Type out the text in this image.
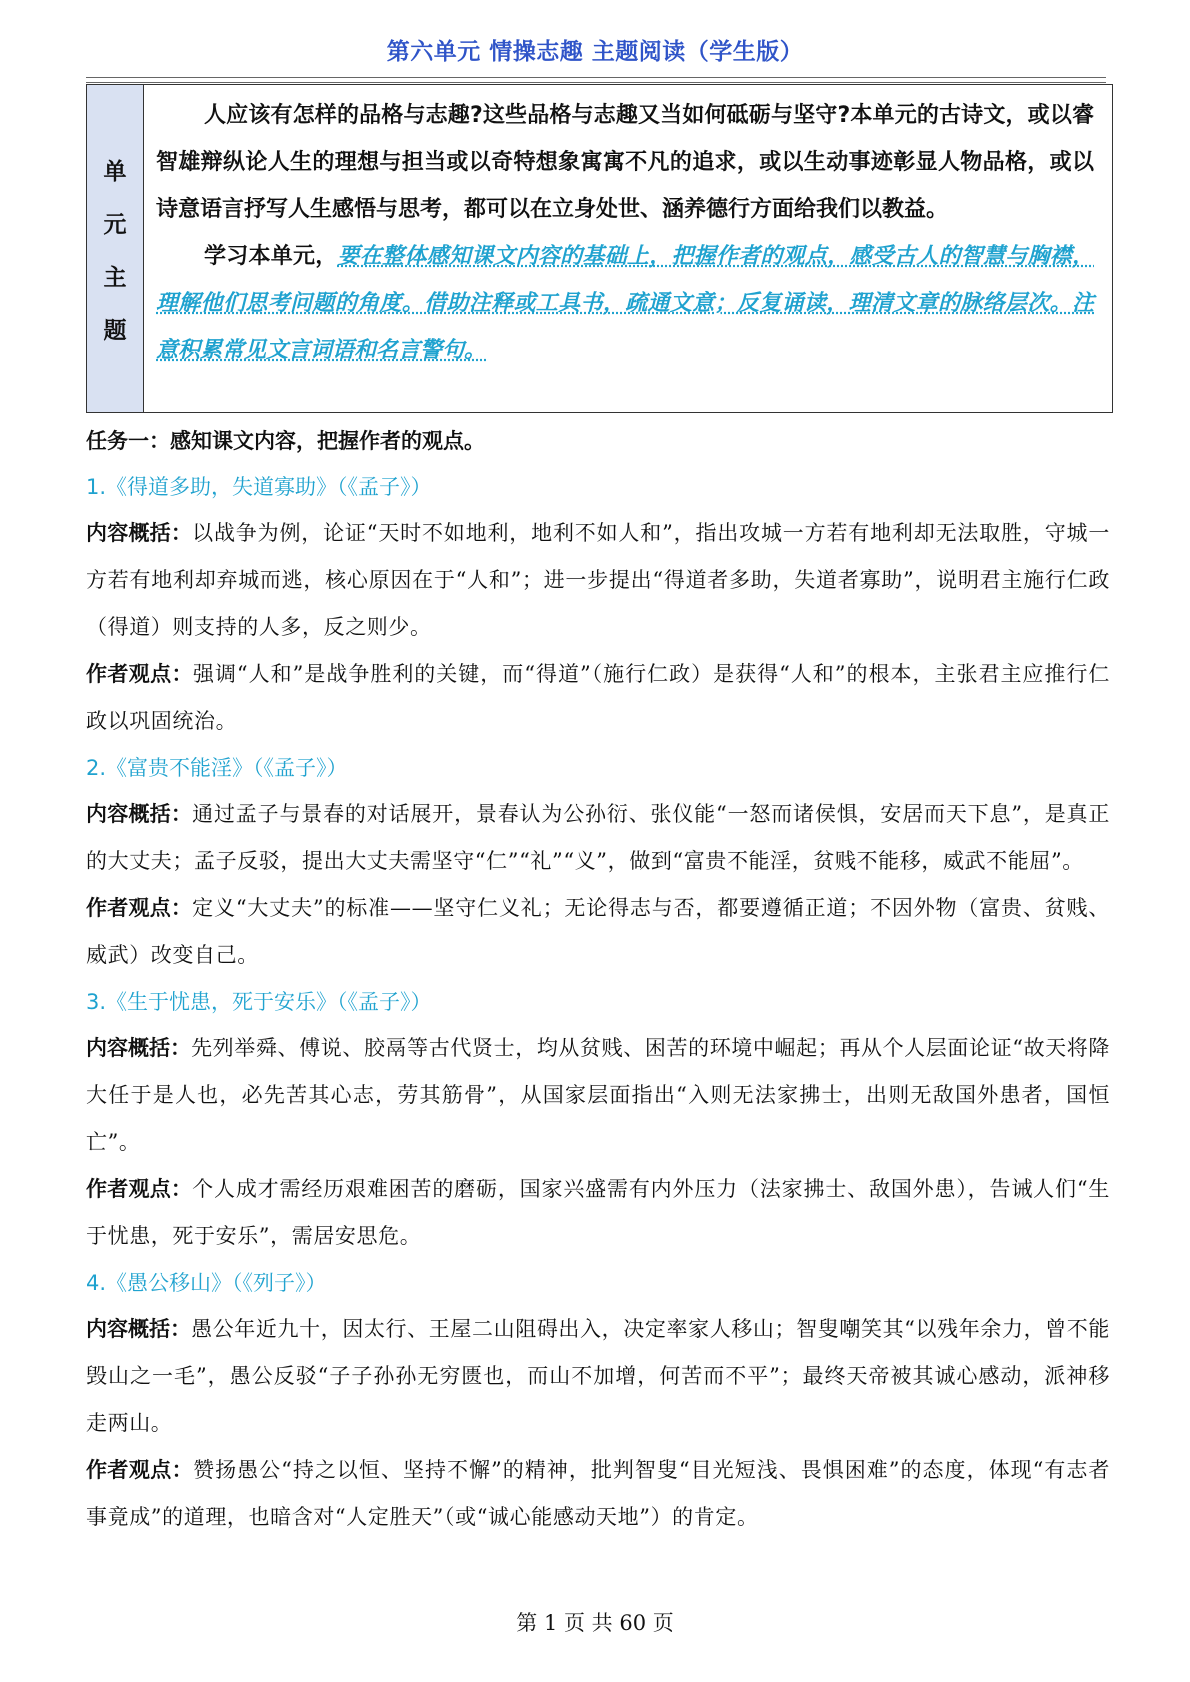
第六单元 情操志趣 主题阅读（学生版）
单
元
主
题

人应该有怎样的品格与志趣?这些品格与志趣又当如何砥砺与坚守?本单元的古诗文，或以睿智雄辩纵论人生的理想与担当或以奇特想象寓寓不凡的追求，或以生动事迹彰显人物品格，或以诗意语言抒写人生感悟与思考，都可以在立身处世、涵养德行方面给我们以教益。

学习本单元，要在整体感知课文内容的基础上，把握作者的观点，感受古人的智慧与胸襟，理解他们思考问题的角度。借助注释或工具书，疏通文意；反复诵读，理清文章的脉络层次。注意积累常见文言词语和名言警句。

任务一：感知课文内容，把握作者的观点。

1.《得道多助，失道寡助》（《孟子》）

内容概括：以战争为例，论证“天时不如地利，地利不如人和”，指出攻城一方若有地利却无法取胜，守城一方若有地利却弃城而逃，核心原因在于“人和”；进一步提出“得道者多助，失道者寡助”，说明君主施行仁政（得道）则支持的人多，反之则少。

作者观点：强调“人和”是战争胜利的关键，而“得道”（施行仁政）是获得“人和”的根本，主张君主应推行仁政以巩固统治。

2.《富贵不能淫》（《孟子》）

内容概括：通过孟子与景春的对话展开，景春认为公孙衍、张仪能“一怒而诸侯惧，安居而天下息”，是真正的大丈夫；孟子反驳，提出大丈夫需坚守“仁”“礼”“义”，做到“富贵不能淫，贫贱不能移，威武不能屈”。

作者观点：定义“大丈夫”的标准——坚守仁义礼；无论得志与否，都要遵循正道；不因外物（富贵、贫贱、威武）改变自己。

3.《生于忧患，死于安乐》（《孟子》）

内容概括：先列举舜、傅说、胶鬲等古代贤士，均从贫贱、困苦的环境中崛起；再从个人层面论证“故天将降大任于是人也，必先苦其心志，劳其筋骨”，从国家层面指出“入则无法家拂士，出则无敌国外患者，国恒亡”。

作者观点：个人成才需经历艰难困苦的磨砺，国家兴盛需有内外压力（法家拂士、敌国外患），告诫人们“生于忧患，死于安乐”，需居安思危。

4.《愚公移山》（《列子》）

内容概括：愚公年近九十，因太行、王屋二山阻碍出入，决定率家人移山；智叟嘲笑其“以残年余力，曾不能毁山之一毛”，愚公反驳“子子孙孙无穷匮也，而山不加增，何苦而不平”；最终天帝被其诚心感动，派神移走两山。

作者观点：赞扬愚公“持之以恒、坚持不懈”的精神，批判智叟“目光短浅、畏惧困难”的态度，体现“有志者事竟成”的道理，也暗含对“人定胜天”（或“诚心能感动天地”）的肯定。

第 1 页 共 60 页
